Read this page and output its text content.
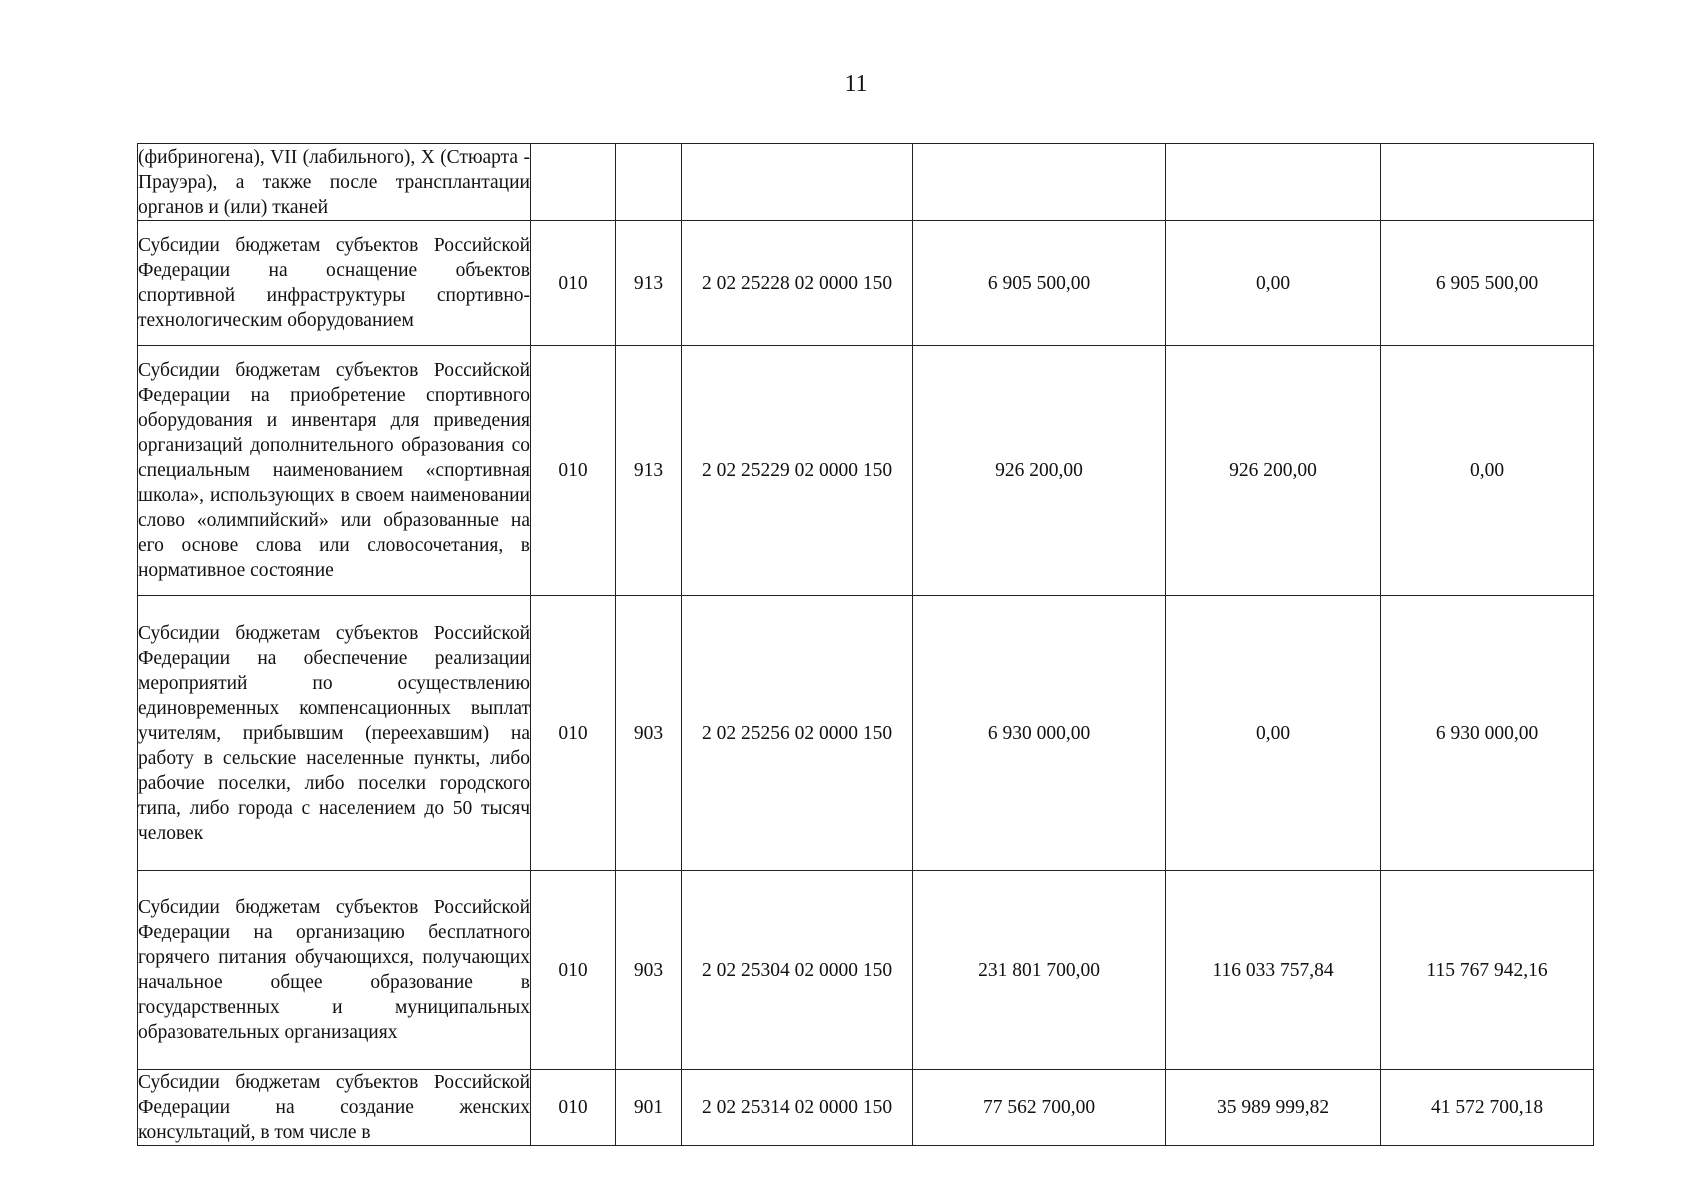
11
(фибриногена), VII (лабильного), X (Стюарта - Прауэра), а также после трансплантации органов и (или) тканей						

Субсидии бюджетам субъектов Российской Федерации на оснащение объектов спортивной инфраструктуры спортивно-технологическим оборудованием	010	913	2 02 25228 02 0000 150	6 905 500,00	0,00	6 905 500,00

Субсидии бюджетам субъектов Российской Федерации на приобретение спортивного оборудования и инвентаря для приведения организаций дополнительного образования со специальным наименованием «спортивная школа», использующих в своем наименовании слово «олимпийский» или образованные на его основе слова или словосочетания, в нормативное состояние	010	913	2 02 25229 02 0000 150	926 200,00	926 200,00	0,00

Субсидии бюджетам субъектов Российской Федерации на обеспечение реализации мероприятий по осуществлению единовременных компенсационных выплат учителям, прибывшим (переехавшим) на работу в сельские населенные пункты, либо рабочие поселки, либо поселки городского типа, либо города с населением до 50 тысяч человек	010	903	2 02 25256 02 0000 150	6 930 000,00	0,00	6 930 000,00

Субсидии бюджетам субъектов Российской Федерации на организацию бесплатного горячего питания обучающихся, получающих начальное общее образование в государственных и муниципальных образовательных организациях	010	903	2 02 25304 02 0000 150	231 801 700,00	116 033 757,84	115 767 942,16

Субсидии бюджетам субъектов Российской Федерации на создание женских консультаций, в том числе в	010	901	2 02 25314 02 0000 150	77 562 700,00	35 989 999,82	41 572 700,18
